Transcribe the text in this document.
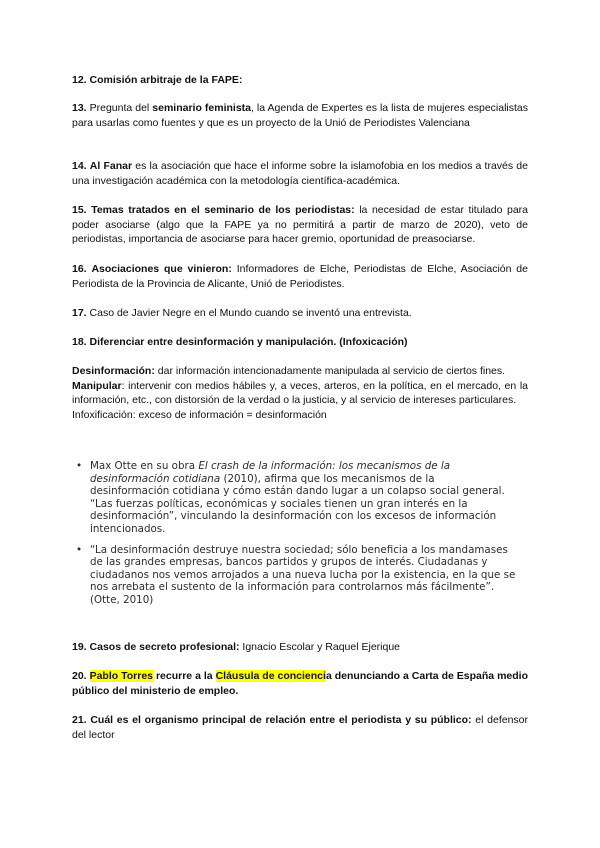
12. Comisión arbitraje de la FAPE:
13. Pregunta del seminario feminista, la Agenda de Expertes es la lista de mujeres especialistas para usarlas como fuentes y que es un proyecto de la Unió de Periodistes Valenciana
14. Al Fanar es la asociación que hace el informe sobre la islamofobia en los medios a través de una investigación académica con la metodología científica-académica.
15. Temas tratados en el seminario de los periodistas: la necesidad de estar titulado para poder asociarse (algo que la FAPE ya no permitirá a partir de marzo de 2020), veto de periodistas, importancia de asociarse para hacer gremio, oportunidad de preasociarse.
16. Asociaciones que vinieron: Informadores de Elche, Periodistas de Elche, Asociación de Periodista de la Provincia de Alicante, Unió de Periodistes.
17. Caso de Javier Negre en el Mundo cuando se inventó una entrevista.
18. Diferenciar entre desinformación y manipulación. (Infoxicación)
Desinformación: dar información intencionadamente manipulada al servicio de ciertos fines.
Manipular: intervenir con medios hábiles y, a veces, arteros, en la política, en el mercado, en la información, etc., con distorsión de la verdad o la justicia, y al servicio de intereses particulares.
Infoxificación: exceso de información = desinformación
• Max Otte en su obra El crash de la información: los mecanismos de la desinformación cotidiana (2010), afirma que los mecanismos de la desinformación cotidiana y cómo están dando lugar a un colapso social general. “Las fuerzas políticas, económicas y sociales tienen un gran interés en la desinformación”, vinculando la desinformación con los excesos de información intencionados.
• “La desinformación destruye nuestra sociedad; sólo beneficia a los mandamases de las grandes empresas, bancos partidos y grupos de interés. Ciudadanas y ciudadanos nos vemos arrojados a una nueva lucha por la existencia, en la que se nos arrebata el sustento de la información para controlarnos más fácilmente”. (Otte, 2010)
19. Casos de secreto profesional: Ignacio Escolar y Raquel Ejerique
20. Pablo Torres recurre a la Cláusula de conciencia denunciando a Carta de España medio público del ministerio de empleo.
21. Cuál es el organismo principal de relación entre el periodista y su público: el defensor del lector
